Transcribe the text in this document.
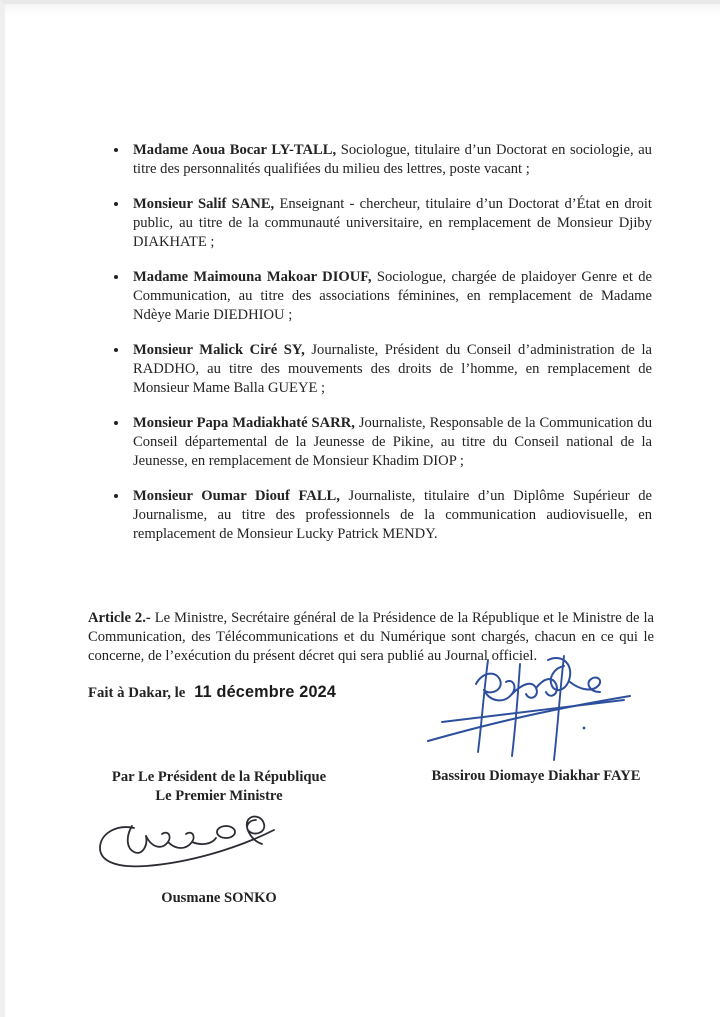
Madame Aoua Bocar LY-TALL, Sociologue, titulaire d’un Doctorat en sociologie, au titre des personnalités qualifiées du milieu des lettres, poste vacant ;
Monsieur Salif SANE, Enseignant - chercheur, titulaire d’un Doctorat d’État en droit public, au titre de la communauté universitaire, en remplacement de Monsieur Djiby DIAKHATE ;
Madame Maimouna Makoar DIOUF, Sociologue, chargée de plaidoyer Genre et de Communication, au titre des associations féminines, en remplacement de Madame Ndèye Marie DIEDHIOU ;
Monsieur Malick Ciré SY, Journaliste, Président du Conseil d’administration de la RADDHO, au titre des mouvements des droits de l’homme, en remplacement de Monsieur Mame Balla GUEYE ;
Monsieur Papa Madiakhaté SARR, Journaliste, Responsable de la Communication du Conseil départemental de la Jeunesse de Pikine, au titre du Conseil national de la Jeunesse, en remplacement de Monsieur Khadim DIOP ;
Monsieur Oumar Diouf FALL, Journaliste, titulaire d’un Diplôme Supérieur de Journalisme, au titre des professionnels de la communication audiovisuelle, en remplacement de Monsieur Lucky Patrick MENDY.

Article 2.- Le Ministre, Secrétaire général de la Présidence de la République et le Ministre de la Communication, des Télécommunications et du Numérique sont chargés, chacun en ce qui le concerne, de l’exécution du présent décret qui sera publié au Journal officiel.

Fait à Dakar, le 11 décembre 2024
Par Le Président de la République
Le Premier Ministre
Bassirou Diomaye Diakhar FAYE
Ousmane SONKO
